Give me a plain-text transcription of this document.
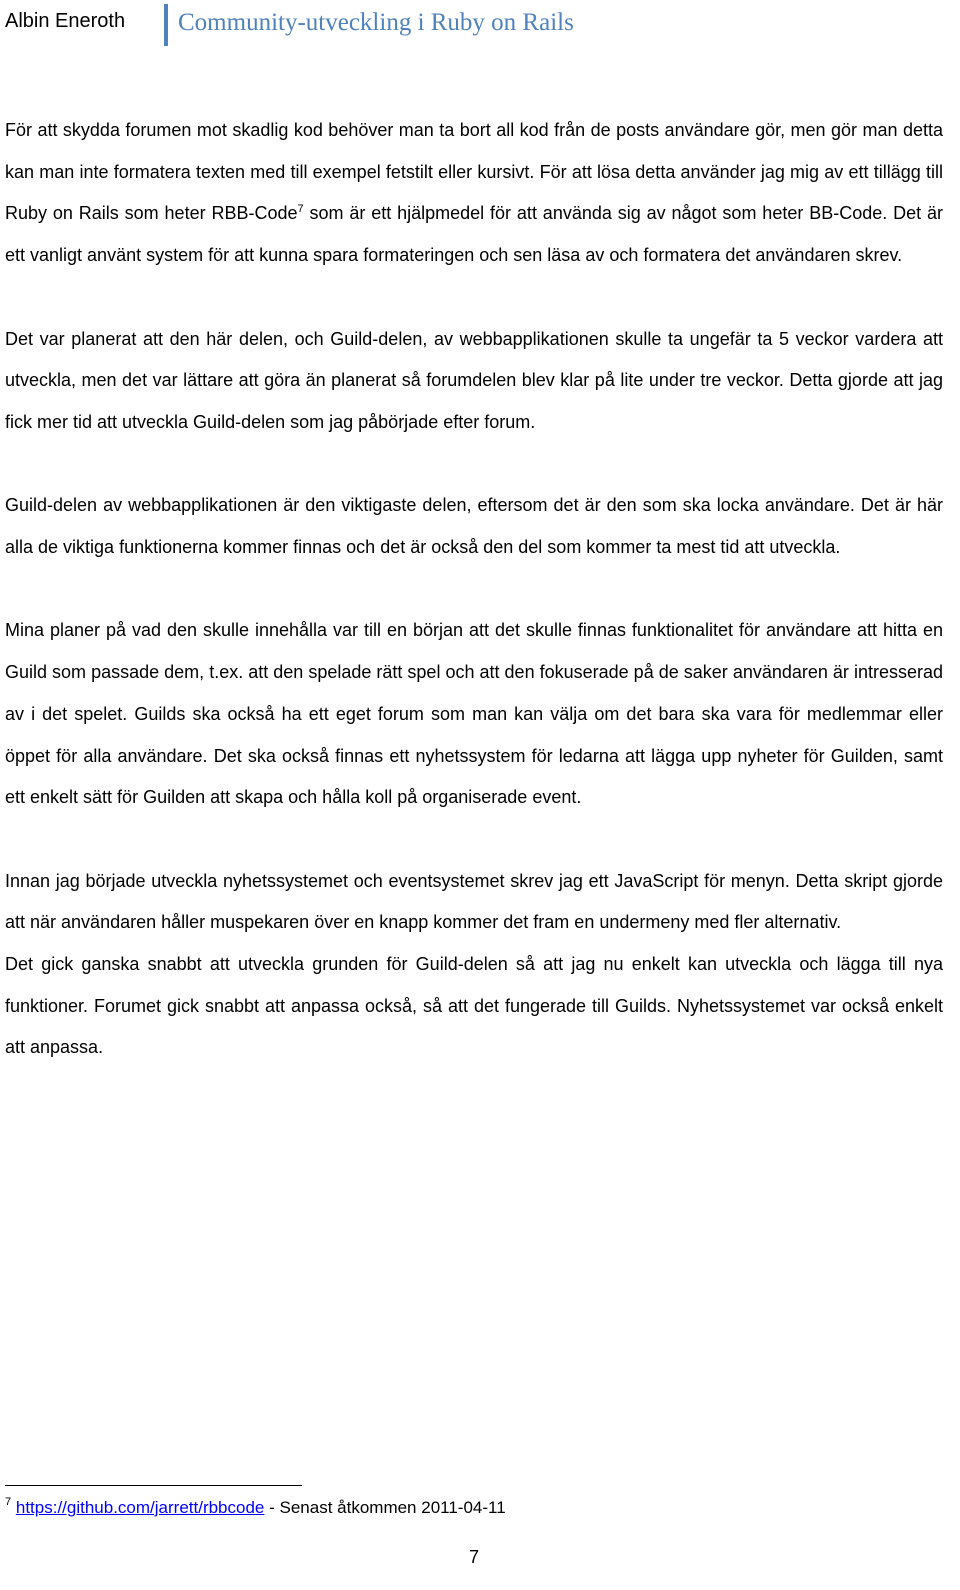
Albin Eneroth Community-utveckling i Ruby on Rails

För att skydda forumen mot skadlig kod behöver man ta bort all kod från de posts användare gör, men gör man detta kan man inte formatera texten med till exempel fetstilt eller kursivt. För att lösa detta använder jag mig av ett tillägg till Ruby on Rails som heter RBB-Code$^7$ som är ett hjälpmedel för att använda sig av något som heter BB-Code. Det är ett vanligt använt system för att kunna spara formateringen och sen läsa av och formatera det användaren skrev.

Det var planerat att den här delen, och Guild-delen, av webbapplikationen skulle ta ungefär ta 5 veckor vardera att utveckla, men det var lättare att göra än planerat så forumdelen blev klar på lite under tre veckor. Detta gjorde att jag fick mer tid att utveckla Guild-delen som jag påbörjade efter forum.

Guild-delen av webbapplikationen är den viktigaste delen, eftersom det är den som ska locka användare. Det är här alla de viktiga funktionerna kommer finnas och det är också den del som kommer ta mest tid att utveckla.

Mina planer på vad den skulle innehålla var till en början att det skulle finnas funktionalitet för användare att hitta en Guild som passade dem, t.ex. att den spelade rätt spel och att den fokuserade på de saker användaren är intresserad av i det spelet. Guilds ska också ha ett eget forum som man kan välja om det bara ska vara för medlemmar eller öppet för alla användare. Det ska också finnas ett nyhetssystem för ledarna att lägga upp nyheter för Guilden, samt ett enkelt sätt för Guilden att skapa och hålla koll på organiserade event.

Innan jag började utveckla nyhetssystemet och eventsystemet skrev jag ett JavaScript för menyn. Detta skript gjorde att när användaren håller muspekaren över en knapp kommer det fram en undermeny med fler alternativ.

Det gick ganska snabbt att utveckla grunden för Guild-delen så att jag nu enkelt kan utveckla och lägga till nya funktioner. Forumet gick snabbt att anpassa också, så att det fungerade till Guilds. Nyhetssystemet var också enkelt att anpassa.

$^7$ https://github.com/jarrett/rbbcode - Senast åtkommen 2011-04-11
7
